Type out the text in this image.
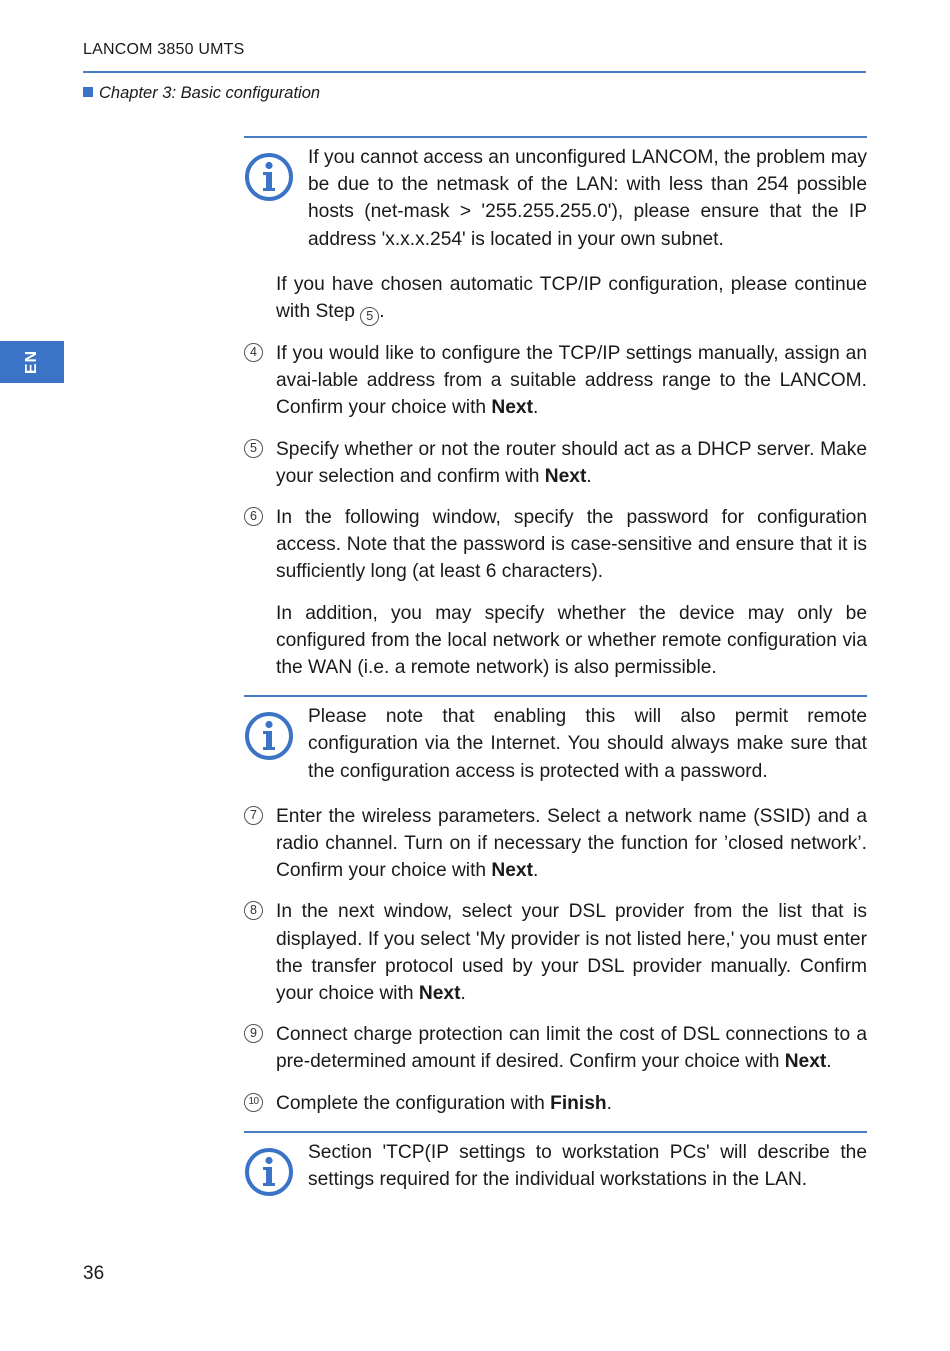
LANCOM 3850 UMTS
Chapter 3: Basic configuration
EN

If you cannot access an unconfigured LANCOM, the problem may be due to the netmask of the LAN: with less than 254 possible hosts (net-mask > '255.255.255.0'), please ensure that the IP address 'x.x.x.254' is located in your own subnet.

If you have chosen automatic TCP/IP configuration, please continue with Step 5 .

4 If you would like to configure the TCP/IP settings manually, assign an avai-lable address from a suitable address range to the LANCOM. Confirm your choice with Next.

5 Specify whether or not the router should act as a DHCP server. Make your selection and confirm with Next.

6 In the following window, specify the password for configuration access. Note that the password is case-sensitive and ensure that it is sufficiently long (at least 6 characters).

In addition, you may specify whether the device may only be configured from the local network or whether remote configuration via the WAN (i.e. a remote network) is also permissible.

Please note that enabling this will also permit remote configuration via the Internet. You should always make sure that the configuration access is protected with a password.

7 Enter the wireless parameters. Select a network name (SSID) and a radio channel. Turn on if necessary the function for ’closed network’. Confirm your choice with Next.

8 In the next window, select your DSL provider from the list that is displayed. If you select 'My provider is not listed here,' you must enter the transfer protocol used by your DSL provider manually. Confirm your choice with Next.

9 Connect charge protection can limit the cost of DSL connections to a pre-determined amount if desired. Confirm your choice with Next.

10 Complete the configuration with Finish.

Section 'TCP(IP settings to workstation PCs' will describe the settings required for the individual workstations in the LAN.

36
